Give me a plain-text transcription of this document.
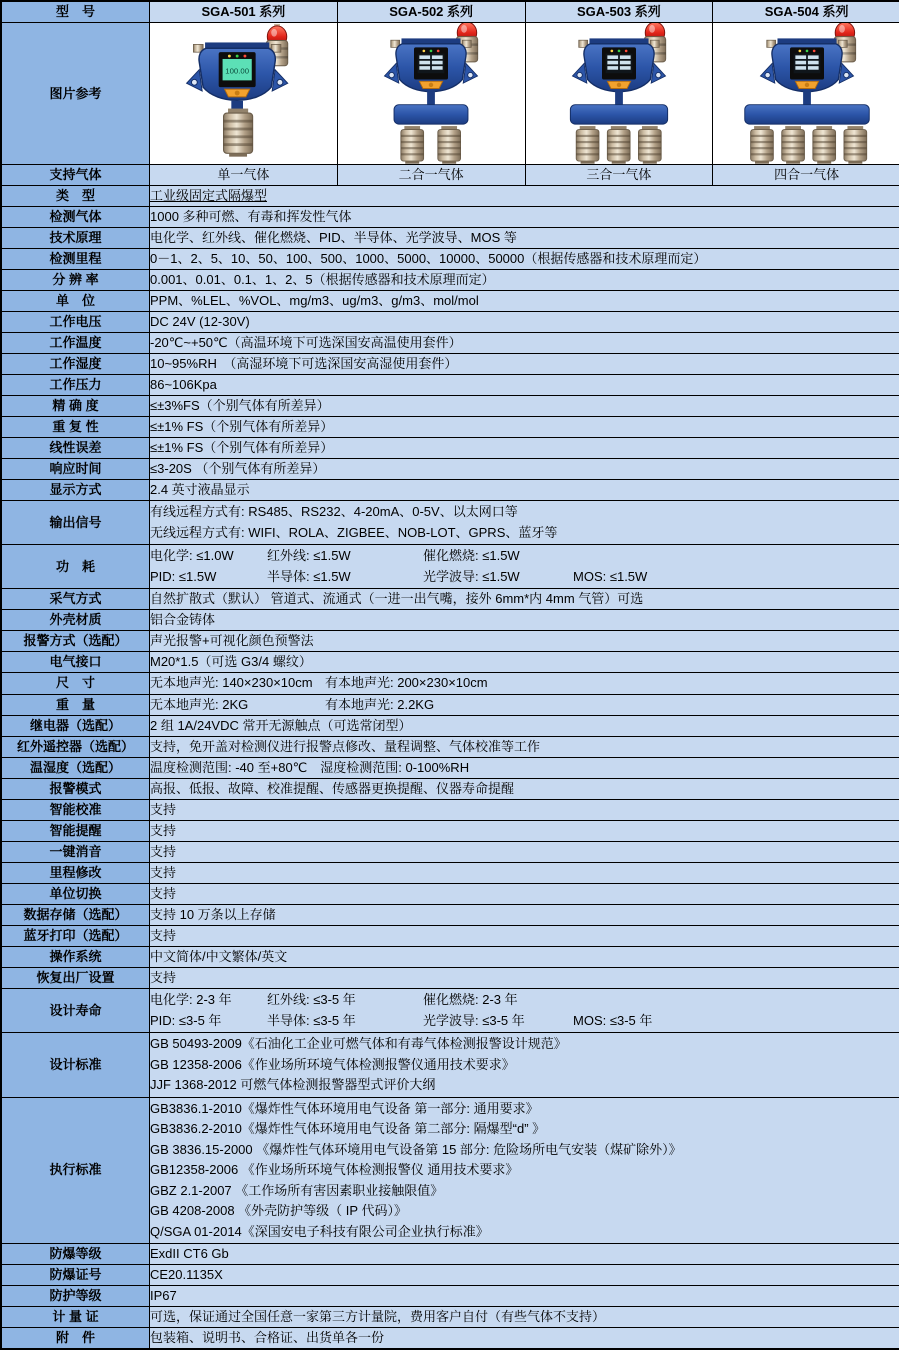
型　号	SGA-501 系列	SGA-502 系列	SGA-503 系列	SGA-504 系列
图片参考	100.00

支持气体	单一气体	二合一气体	三合一气体	四合一气体
类　型	工业级固定式隔爆型			
检测气体	1000 多种可燃、有毒和挥发性气体			
技术原理	电化学、红外线、催化燃烧、PID、半导体、光学波导、MOS 等			
检测里程	0－1、2、5、10、50、100、500、1000、5000、10000、50000（根据传感器和技术原理而定）			
分 辨 率	0.001、0.01、0.1、1、2、5（根据传感器和技术原理而定）			
单　位	PPM、%LEL、%VOL、mg/m3、ug/m3、g/m3、mol/mol			
工作电压	DC 24V (12-30V)			
工作温度	-20℃~+50℃（高温环境下可选深国安高温使用套件）			
工作湿度	10~95%RH　（高湿环境下可选深国安高湿使用套件）			
工作压力	86~106Kpa			
精 确 度	≤±3%FS（个别气体有所差异）			
重 复 性	≤±1% FS（个别气体有所差异）			
线性误差	≤±1% FS（个别气体有所差异）			
响应时间	≤3-20S （个别气体有所差异）			
显示方式	2.4 英寸液晶显示			
输出信号	有线远程方式有: RS485、RS232、4-20mA、0-5V、以太网口等
无线远程方式有: WIFI、ROLA、ZIGBEE、NOB-LOT、GPRS、蓝牙等			

功　耗	电化学: ≤1.0W 红外线: ≤1.5W 催化燃烧: ≤1.5W
PID: ≤1.5W 半导体: ≤1.5W 光学波导: ≤1.5W MOS: ≤1.5W			

采气方式	自然扩散式（默认） 管道式、流通式（一进一出气嘴，接外 6mm*内 4mm 气管）可选			
外壳材质	铝合金铸体			
报警方式（选配）	声光报警+可视化颜色预警法			
电气接口	M20*1.5（可选 G3/4 螺纹）			
尺　寸	无本地声光: 140×230×10cm 有本地声光: 200×230×10cm			

重　量	无本地声光: 2KG 有本地声光: 2.2KG			

继电器（选配）	2 组 1A/24VDC 常开无源触点（可选常闭型）			
红外遥控器（选配）	支持，免开盖对检测仪进行报警点修改、量程调整、气体校准等工作			
温湿度（选配）	温度检测范围: -40 至+80℃　湿度检测范围: 0-100%RH			
报警模式	高报、低报、故障、校准提醒、传感器更换提醒、仪器寿命提醒			
智能校准	支持			
智能提醒	支持			
一键消音	支持			
里程修改	支持			
单位切换	支持			
数据存储（选配）	支持 10 万条以上存储			
蓝牙打印（选配）	支持			
操作系统	中文简体/中文繁体/英文			
恢复出厂设置	支持			
设计寿命	电化学: 2-3 年 红外线: ≤3-5 年 催化燃烧: 2-3 年
PID: ≤3-5 年 半导体: ≤3-5 年 光学波导: ≤3-5 年 MOS: ≤3-5 年			

设计标准	GB 50493-2009《石油化工企业可燃气体和有毒气体检测报警设计规范》
GB 12358-2006《作业场所环境气体检测报警仪通用技术要求》
JJF 1368-2012 可燃气体检测报警器型式评价大纲			

执行标准	
GB3836.1-2010《爆炸性气体环境用电气设备 第一部分: 通用要求》
GB3836.2-2010《爆炸性气体环境用电气设备 第二部分: 隔爆型“d” 》
GB 3836.15-2000 《爆炸性气体环境用电气设备第 15 部分: 危险场所电气安装（煤矿除外）》
GB12358-2006 《作业场所环境气体检测报警仪 通用技术要求》
GBZ 2.1-2007 《工作场所有害因素职业接触限值》
GB 4208-2008 《外壳防护等级（ IP 代码）》
Q/SGA 01-2014《深国安电子科技有限公司企业执行标准》

防爆等级	ExdII CT6 Gb			
防爆证号	CE20.1135X			
防护等级	IP67			
计 量 证	可选，保证通过全国任意一家第三方计量院，费用客户自付（有些气体不支持）			
附　件	包装箱、说明书、合格证、出货单各一份			
